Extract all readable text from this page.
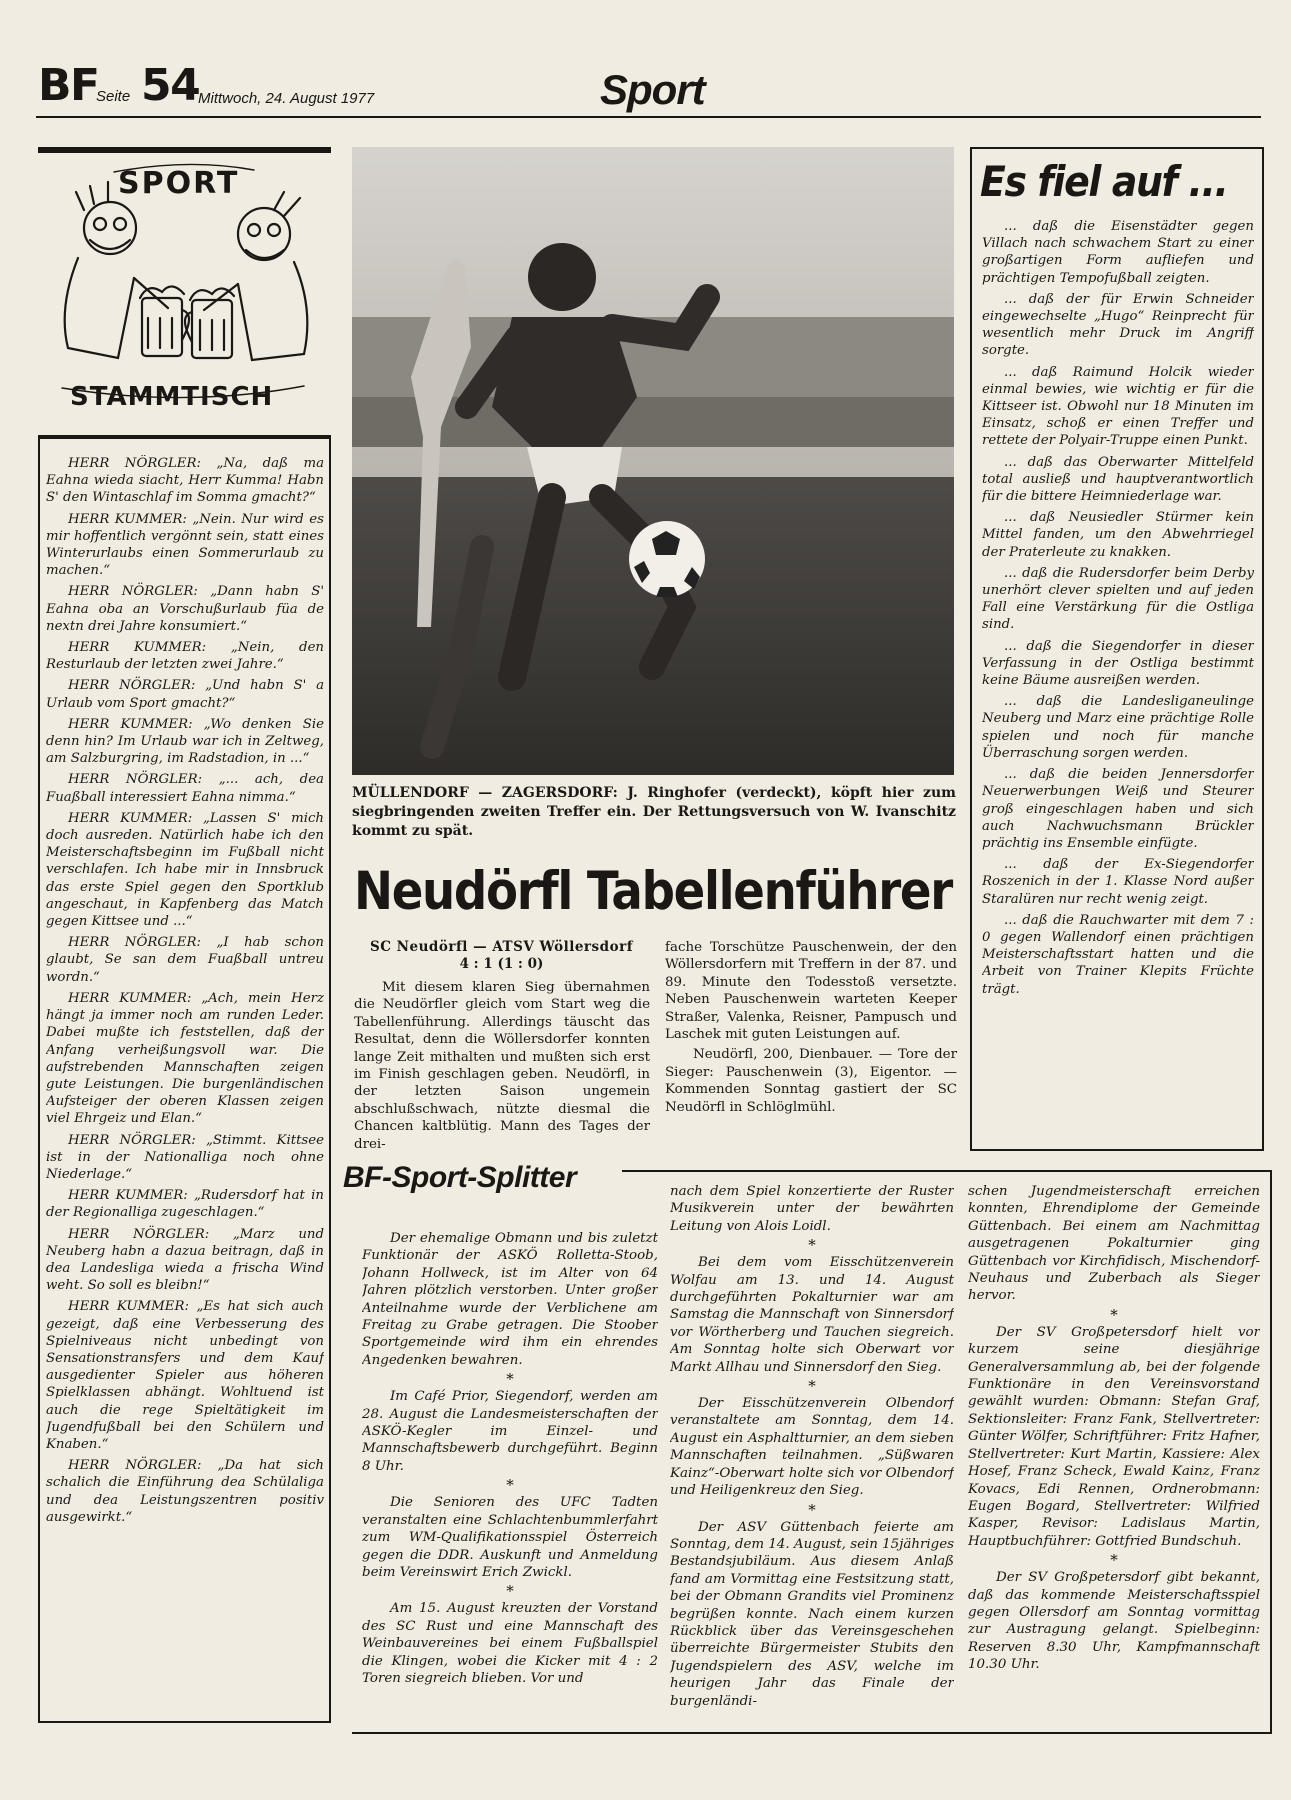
BF
Seite 54
Mittwoch, 24. August 1977	Sport
SPORT
STAMMTISCH

HERR NÖRGLER: „Na, daß ma Eahna wieda siacht, Herr Kumma! Habn S' den Wintaschlaf im Somma gmacht?“

HERR KUMMER: „Nein. Nur wird es mir hoffentlich vergönnt sein, statt eines Winterurlaubs einen Sommerurlaub zu machen.“

HERR NÖRGLER: „Dann habn S' Eahna oba an Vorschußurlaub füa de nextn drei Jahre konsumiert.“

HERR KUMMER: „Nein, den Resturlaub der letzten zwei Jahre.“

HERR NÖRGLER: „Und habn S' a Urlaub vom Sport gmacht?“

HERR KUMMER: „Wo denken Sie denn hin? Im Urlaub war ich in Zeltweg, am Salzburgring, im Radstadion, in ...“

HERR NÖRGLER: „... ach, dea Fuaßball interessiert Eahna nimma.“

HERR KUMMER: „Lassen S' mich doch ausreden. Natürlich habe ich den Meisterschaftsbeginn im Fußball nicht verschlafen. Ich habe mir in Innsbruck das erste Spiel gegen den Sportklub angeschaut, in Kapfenberg das Match gegen Kittsee und ...“

HERR NÖRGLER: „I hab schon glaubt, Se san dem Fuaßball untreu wordn.“

HERR KUMMER: „Ach, mein Herz hängt ja immer noch am runden Leder. Dabei mußte ich feststellen, daß der Anfang verheißungsvoll war. Die aufstrebenden Mannschaften zeigen gute Leistungen. Die burgenländischen Aufsteiger der oberen Klassen zeigen viel Ehrgeiz und Elan.“

HERR NÖRGLER: „Stimmt. Kittsee ist in der Nationalliga noch ohne Niederlage.“

HERR KUMMER: „Rudersdorf hat in der Regionalliga zugeschlagen.“

HERR NÖRGLER: „Marz und Neuberg habn a dazua beitragn, daß in dea Landesliga wieda a frischa Wind weht. So soll es bleibn!“

HERR KUMMER: „Es hat sich auch gezeigt, daß eine Verbesserung des Spielniveaus nicht unbedingt von Sensationstransfers und dem Kauf ausgedienter Spieler aus höheren Spielklassen abhängt. Wohltuend ist auch die rege Spieltätigkeit im Jugendfußball bei den Schülern und Knaben.“

HERR NÖRGLER: „Da hat sich schalich die Einführung dea Schülaliga und dea Leistungszentren positiv ausgewirkt.“

MÜLLENDORF — ZAGERSDORF: J. Ringhofer (verdeckt), köpft hier zum siegbringenden zweiten Treffer ein. Der Rettungsversuch von W. Ivanschitz kommt zu spät.
Neudörfl Tabellenführer
SC Neudörfl — ATSV Wöllersdorf
4 : 1 (1 : 0)

Mit diesem klaren Sieg übernahmen die Neudörfler gleich vom Start weg die Tabellenführung. Allerdings täuscht das Resultat, denn die Wöllersdorfer konnten lange Zeit mithalten und mußten sich erst im Finish geschlagen geben. Neudörfl, in der letzten Saison ungemein abschlußschwach, nützte diesmal die Chancen kaltblütig. Mann des Tages der drei-

fache Torschütze Pauschenwein, der den Wöllersdorfern mit Treffern in der 87. und 89. Minute den Todesstoß versetzte. Neben Pauschenwein warteten Keeper Straßer, Valenka, Reisner, Pampusch und Laschek mit guten Leistungen auf.

Neudörfl, 200, Dienbauer. — Tore der Sieger: Pauschenwein (3), Eigentor. — Kommenden Sonntag gastiert der SC Neudörfl in Schlöglmühl.

Es fiel auf ...

... daß die Eisenstädter gegen Villach nach schwachem Start zu einer großartigen Form aufliefen und prächtigen Tempofußball zeigten.

... daß der für Erwin Schneider eingewechselte „Hugo“ Reinprecht für wesentlich mehr Druck im Angriff sorgte.

... daß Raimund Holcik wieder einmal bewies, wie wichtig er für die Kittseer ist. Obwohl nur 18 Minuten im Einsatz, schoß er einen Treffer und rettete der Polyair-Truppe einen Punkt.

... daß das Oberwarter Mittelfeld total ausließ und hauptverantwortlich für die bittere Heimniederlage war.

... daß Neusiedler Stürmer kein Mittel fanden, um den Abwehrriegel der Praterleute zu knakken.

... daß die Rudersdorfer beim Derby unerhört clever spielten und auf jeden Fall eine Verstärkung für die Ostliga sind.

... daß die Siegendorfer in dieser Verfassung in der Ostliga bestimmt keine Bäume ausreißen werden.

... daß die Landesliganeulinge Neuberg und Marz eine prächtige Rolle spielen und noch für manche Überraschung sorgen werden.

... daß die beiden Jennersdorfer Neuerwerbungen Weiß und Steurer groß eingeschlagen haben und sich auch Nachwuchsmann Brückler prächtig ins Ensemble einfügte.

... daß der Ex-Siegendorfer Roszenich in der 1. Klasse Nord außer Staralüren nur recht wenig zeigt.

... daß die Rauchwarter mit dem 7 : 0 gegen Wallendorf einen prächtigen Meisterschaftsstart hatten und die Arbeit von Trainer Klepits Früchte trägt.

BF-Sport-Splitter

Der ehemalige Obmann und bis zuletzt Funktionär der ASKÖ Rolletta-Stoob, Johann Hollweck, ist im Alter von 64 Jahren plötzlich verstorben. Unter großer Anteilnahme wurde der Verblichene am Freitag zu Grabe getragen. Die Stoober Sportgemeinde wird ihm ein ehrendes Angedenken bewahren.

*

Im Café Prior, Siegendorf, werden am 28. August die Landesmeisterschaften der ASKÖ-Kegler im Einzel- und Mannschaftsbewerb durchgeführt. Beginn 8 Uhr.

*

Die Senioren des UFC Tadten veranstalten eine Schlachtenbummlerfahrt zum WM-Qualifikationsspiel Österreich gegen die DDR. Auskunft und Anmeldung beim Vereinswirt Erich Zwickl.

*

Am 15. August kreuzten der Vorstand des SC Rust und eine Mannschaft des Weinbauvereines bei einem Fußballspiel die Klingen, wobei die Kicker mit 4 : 2 Toren siegreich blieben. Vor und

nach dem Spiel konzertierte der Ruster Musikverein unter der bewährten Leitung von Alois Loidl.

*

Bei dem vom Eisschützenverein Wolfau am 13. und 14. August durchgeführten Pokalturnier war am Samstag die Mannschaft von Sinnersdorf vor Wörtherberg und Tauchen siegreich. Am Sonntag holte sich Oberwart vor Markt Allhau und Sinnersdorf den Sieg.

*

Der Eisschützenverein Olbendorf veranstaltete am Sonntag, dem 14. August ein Asphaltturnier, an dem sieben Mannschaften teilnahmen. „Süßwaren Kainz“-Oberwart holte sich vor Olbendorf und Heiligenkreuz den Sieg.

*

Der ASV Güttenbach feierte am Sonntag, dem 14. August, sein 15jähriges Bestandsjubiläum. Aus diesem Anlaß fand am Vormittag eine Festsitzung statt, bei der Obmann Grandits viel Prominenz begrüßen konnte. Nach einem kurzen Rückblick über das Vereinsgeschehen überreichte Bürgermeister Stubits den Jugendspielern des ASV, welche im heurigen Jahr das Finale der burgenländi-

schen Jugendmeisterschaft erreichen konnten, Ehrendiplome der Gemeinde Güttenbach. Bei einem am Nachmittag ausgetragenen Pokalturnier ging Güttenbach vor Kirchfidisch, Mischendorf-Neuhaus und Zuberbach als Sieger hervor.

*

Der SV Großpetersdorf hielt vor kurzem seine diesjährige Generalversammlung ab, bei der folgende Funktionäre in den Vereinsvorstand gewählt wurden: Obmann: Stefan Graf, Sektionsleiter: Franz Fank, Stellvertreter: Günter Wölfer, Schriftführer: Fritz Hafner, Stellvertreter: Kurt Martin, Kassiere: Alex Hosef, Franz Scheck, Ewald Kainz, Franz Kovacs, Edi Rennen, Ordnerobmann: Eugen Bogard, Stellvertreter: Wilfried Kasper, Revisor: Ladislaus Martin, Hauptbuchführer: Gottfried Bundschuh.

*

Der SV Großpetersdorf gibt bekannt, daß das kommende Meisterschaftsspiel gegen Ollersdorf am Sonntag vormittag zur Austragung gelangt. Spielbeginn: Reserven 8.30 Uhr, Kampfmannschaft 10.30 Uhr.
